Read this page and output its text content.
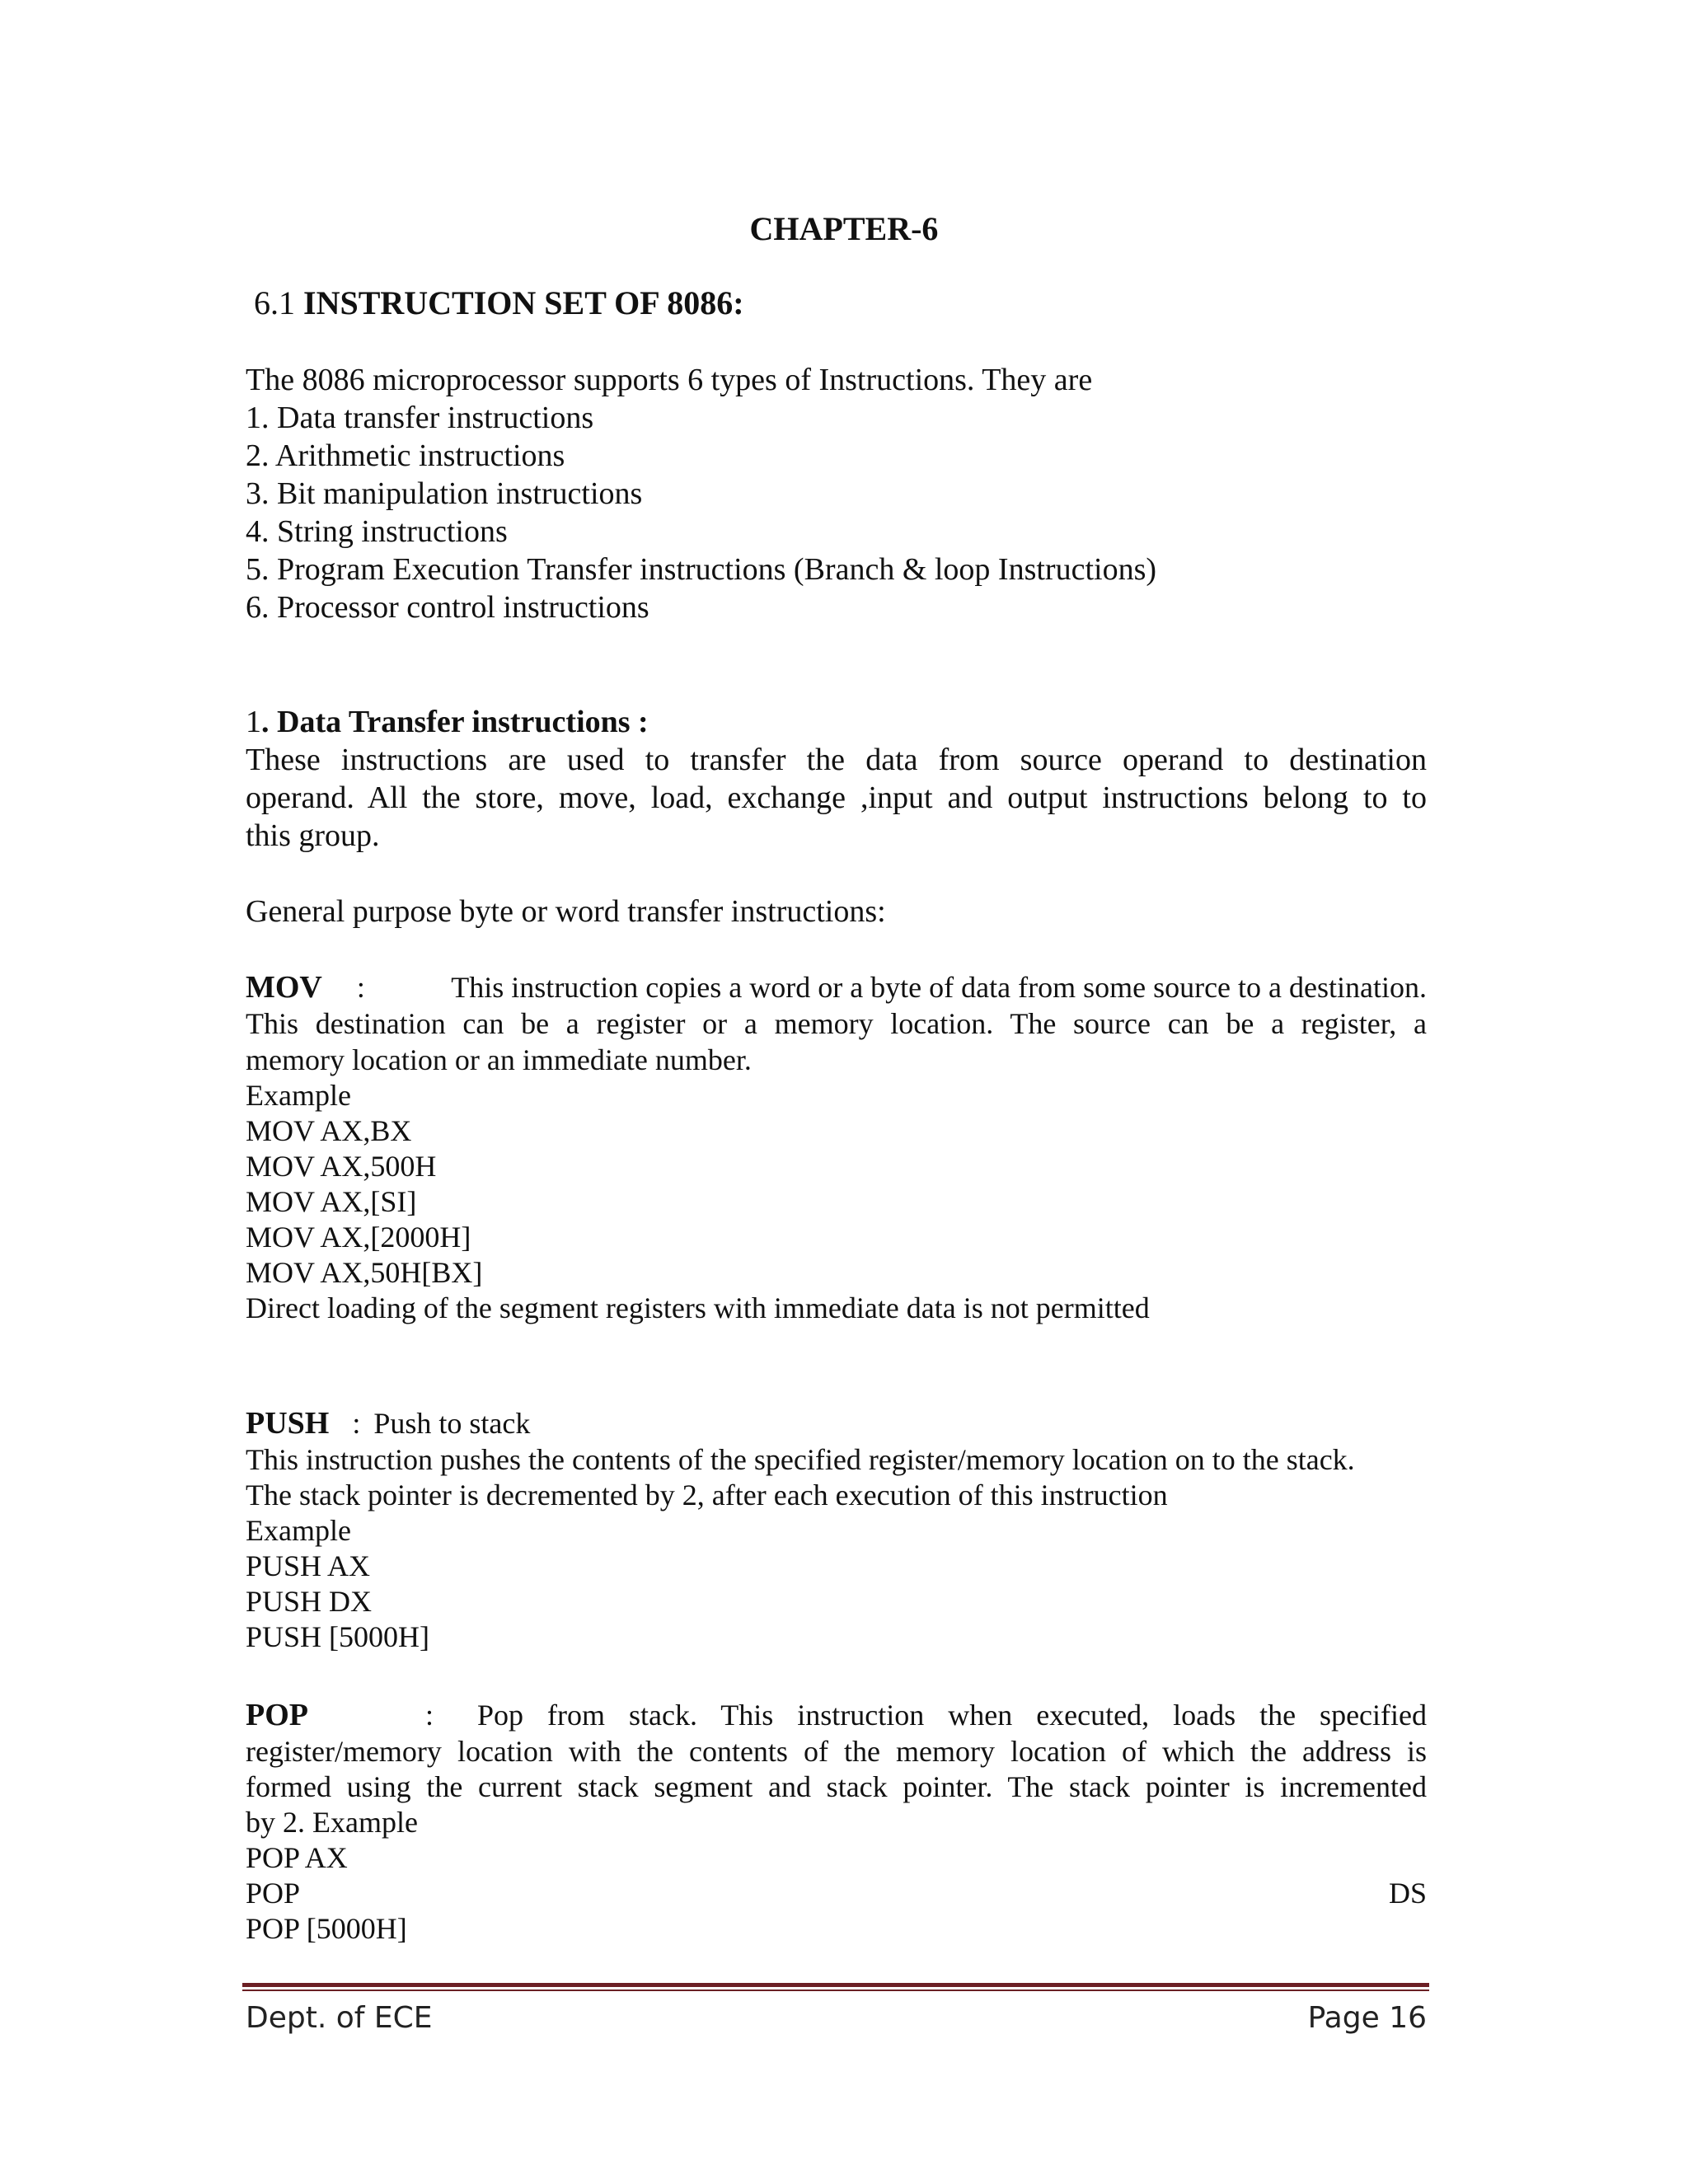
CHAPTER-6
6.1 INSTRUCTION SET OF 8086:
The 8086 microprocessor supports 6 types of Instructions. They are
1. Data transfer instructions
2. Arithmetic instructions
3. Bit manipulation instructions
4. String instructions
5. Program Execution Transfer instructions (Branch & loop Instructions)
6. Processor control instructions
1. Data Transfer instructions :
These instructions are used to transfer the data from source operand to destination
operand. All the store, move, load, exchange ,input and output instructions belong to to
this group.
General purpose byte or word transfer instructions:
MOV :	This instruction copies a word or a byte of data from some source to a destination.
This destination can be a register or a memory location. The source can be a register, a
memory location or an immediate number.
Example
MOV AX,BX
MOV AX,500H
MOV AX,[SI]
MOV AX,[2000H]
MOV AX,50H[BX]
Direct loading of the segment registers with immediate data is not permitted
PUSH : Push to stack
This instruction pushes the contents of the specified register/memory location on to the stack.
The stack pointer is decremented by 2, after each execution of this instruction
Example
PUSH AX
PUSH DX
PUSH [5000H]
POP	: Pop from stack. This instruction when executed, loads the specified
register/memory location with the contents of the memory location of which the address is
formed using the current stack segment and stack pointer. The stack pointer is incremented
by 2. Example
POP AX
POP	DS
POP [5000H]
Dept. of ECE	Page 16
